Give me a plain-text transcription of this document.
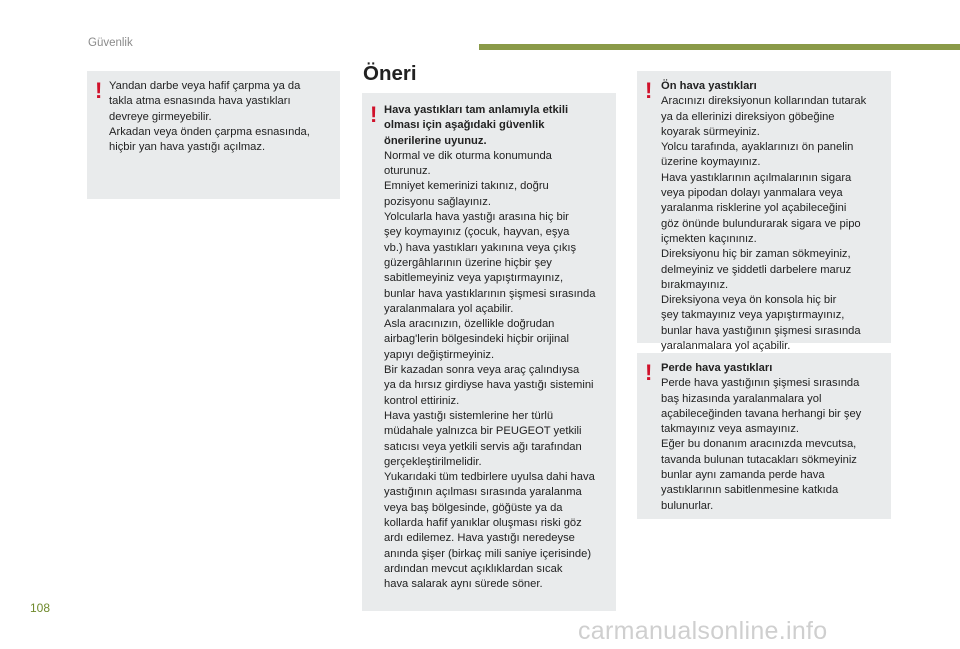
Güvenlik
! Yandan darbe veya hafif çarpma ya da
takla atma esnasında hava yastıkları
devreye girmeyebilir.
Arkadan veya önden çarpma esnasında,
hiçbir yan hava yastığı açılmaz.
Öneri
! Hava yastıkları tam anlamıyla etkili
olması için aşağıdaki güvenlik
önerilerine uyunuz.
Normal ve dik oturma konumunda
oturunuz.
Emniyet kemerinizi takınız, doğru
pozisyonu sağlayınız.
Yolcularla hava yastığı arasına hiç bir
şey koymayınız (çocuk, hayvan, eşya
vb.) hava yastıkları yakınına veya çıkış
güzergâhlarının üzerine hiçbir şey
sabitlemeyiniz veya yapıştırmayınız,
bunlar hava yastıklarının şişmesi sırasında
yaralanmalara yol açabilir.
Asla aracınızın, özellikle doğrudan
airbag'lerin bölgesindeki hiçbir orijinal
yapıyı değiştirmeyiniz.
Bir kazadan sonra veya araç çalındıysa
ya da hırsız girdiyse hava yastığı sistemini
kontrol ettiriniz.
Hava yastığı sistemlerine her türlü
müdahale yalnızca bir PEUGEOT yetkili
satıcısı veya yetkili servis ağı tarafından
gerçekleştirilmelidir.
Yukarıdaki tüm tedbirlere uyulsa dahi hava
yastığının açılması sırasında yaralanma
veya baş bölgesinde, göğüste ya da
kollarda hafif yanıklar oluşması riski göz
ardı edilemez. Hava yastığı neredeyse
anında şişer (birkaç mili saniye içerisinde)
ardından mevcut açıklıklardan sıcak
hava salarak aynı sürede söner.
! Ön hava yastıkları
Aracınızı direksiyonun kollarından tutarak
ya da ellerinizi direksiyon göbeğine
koyarak sürmeyiniz.
Yolcu tarafında, ayaklarınızı ön panelin
üzerine koymayınız.
Hava yastıklarının açılmalarının sigara
veya pipodan dolayı yanmalara veya
yaralanma risklerine yol açabileceğini
göz önünde bulundurarak sigara ve pipo
içmekten kaçınınız.
Direksiyonu hiç bir zaman sökmeyiniz,
delmeyiniz ve şiddetli darbelere maruz
bırakmayınız.
Direksiyona veya ön konsola hiç bir
şey takmayınız veya yapıştırmayınız,
bunlar hava yastığının şişmesi sırasında
yaralanmalara yol açabilir.
! Perde hava yastıkları
Perde hava yastığının şişmesi sırasında
baş hizasında yaralanmalara yol
açabileceğinden tavana herhangi bir şey
takmayınız veya asmayınız.
Eğer bu donanım aracınızda mevcutsa,
tavanda bulunan tutacakları sökmeyiniz
bunlar aynı zamanda perde hava
yastıklarının sabitlenmesine katkıda
bulunurlar.
108
carmanualsonline.info
